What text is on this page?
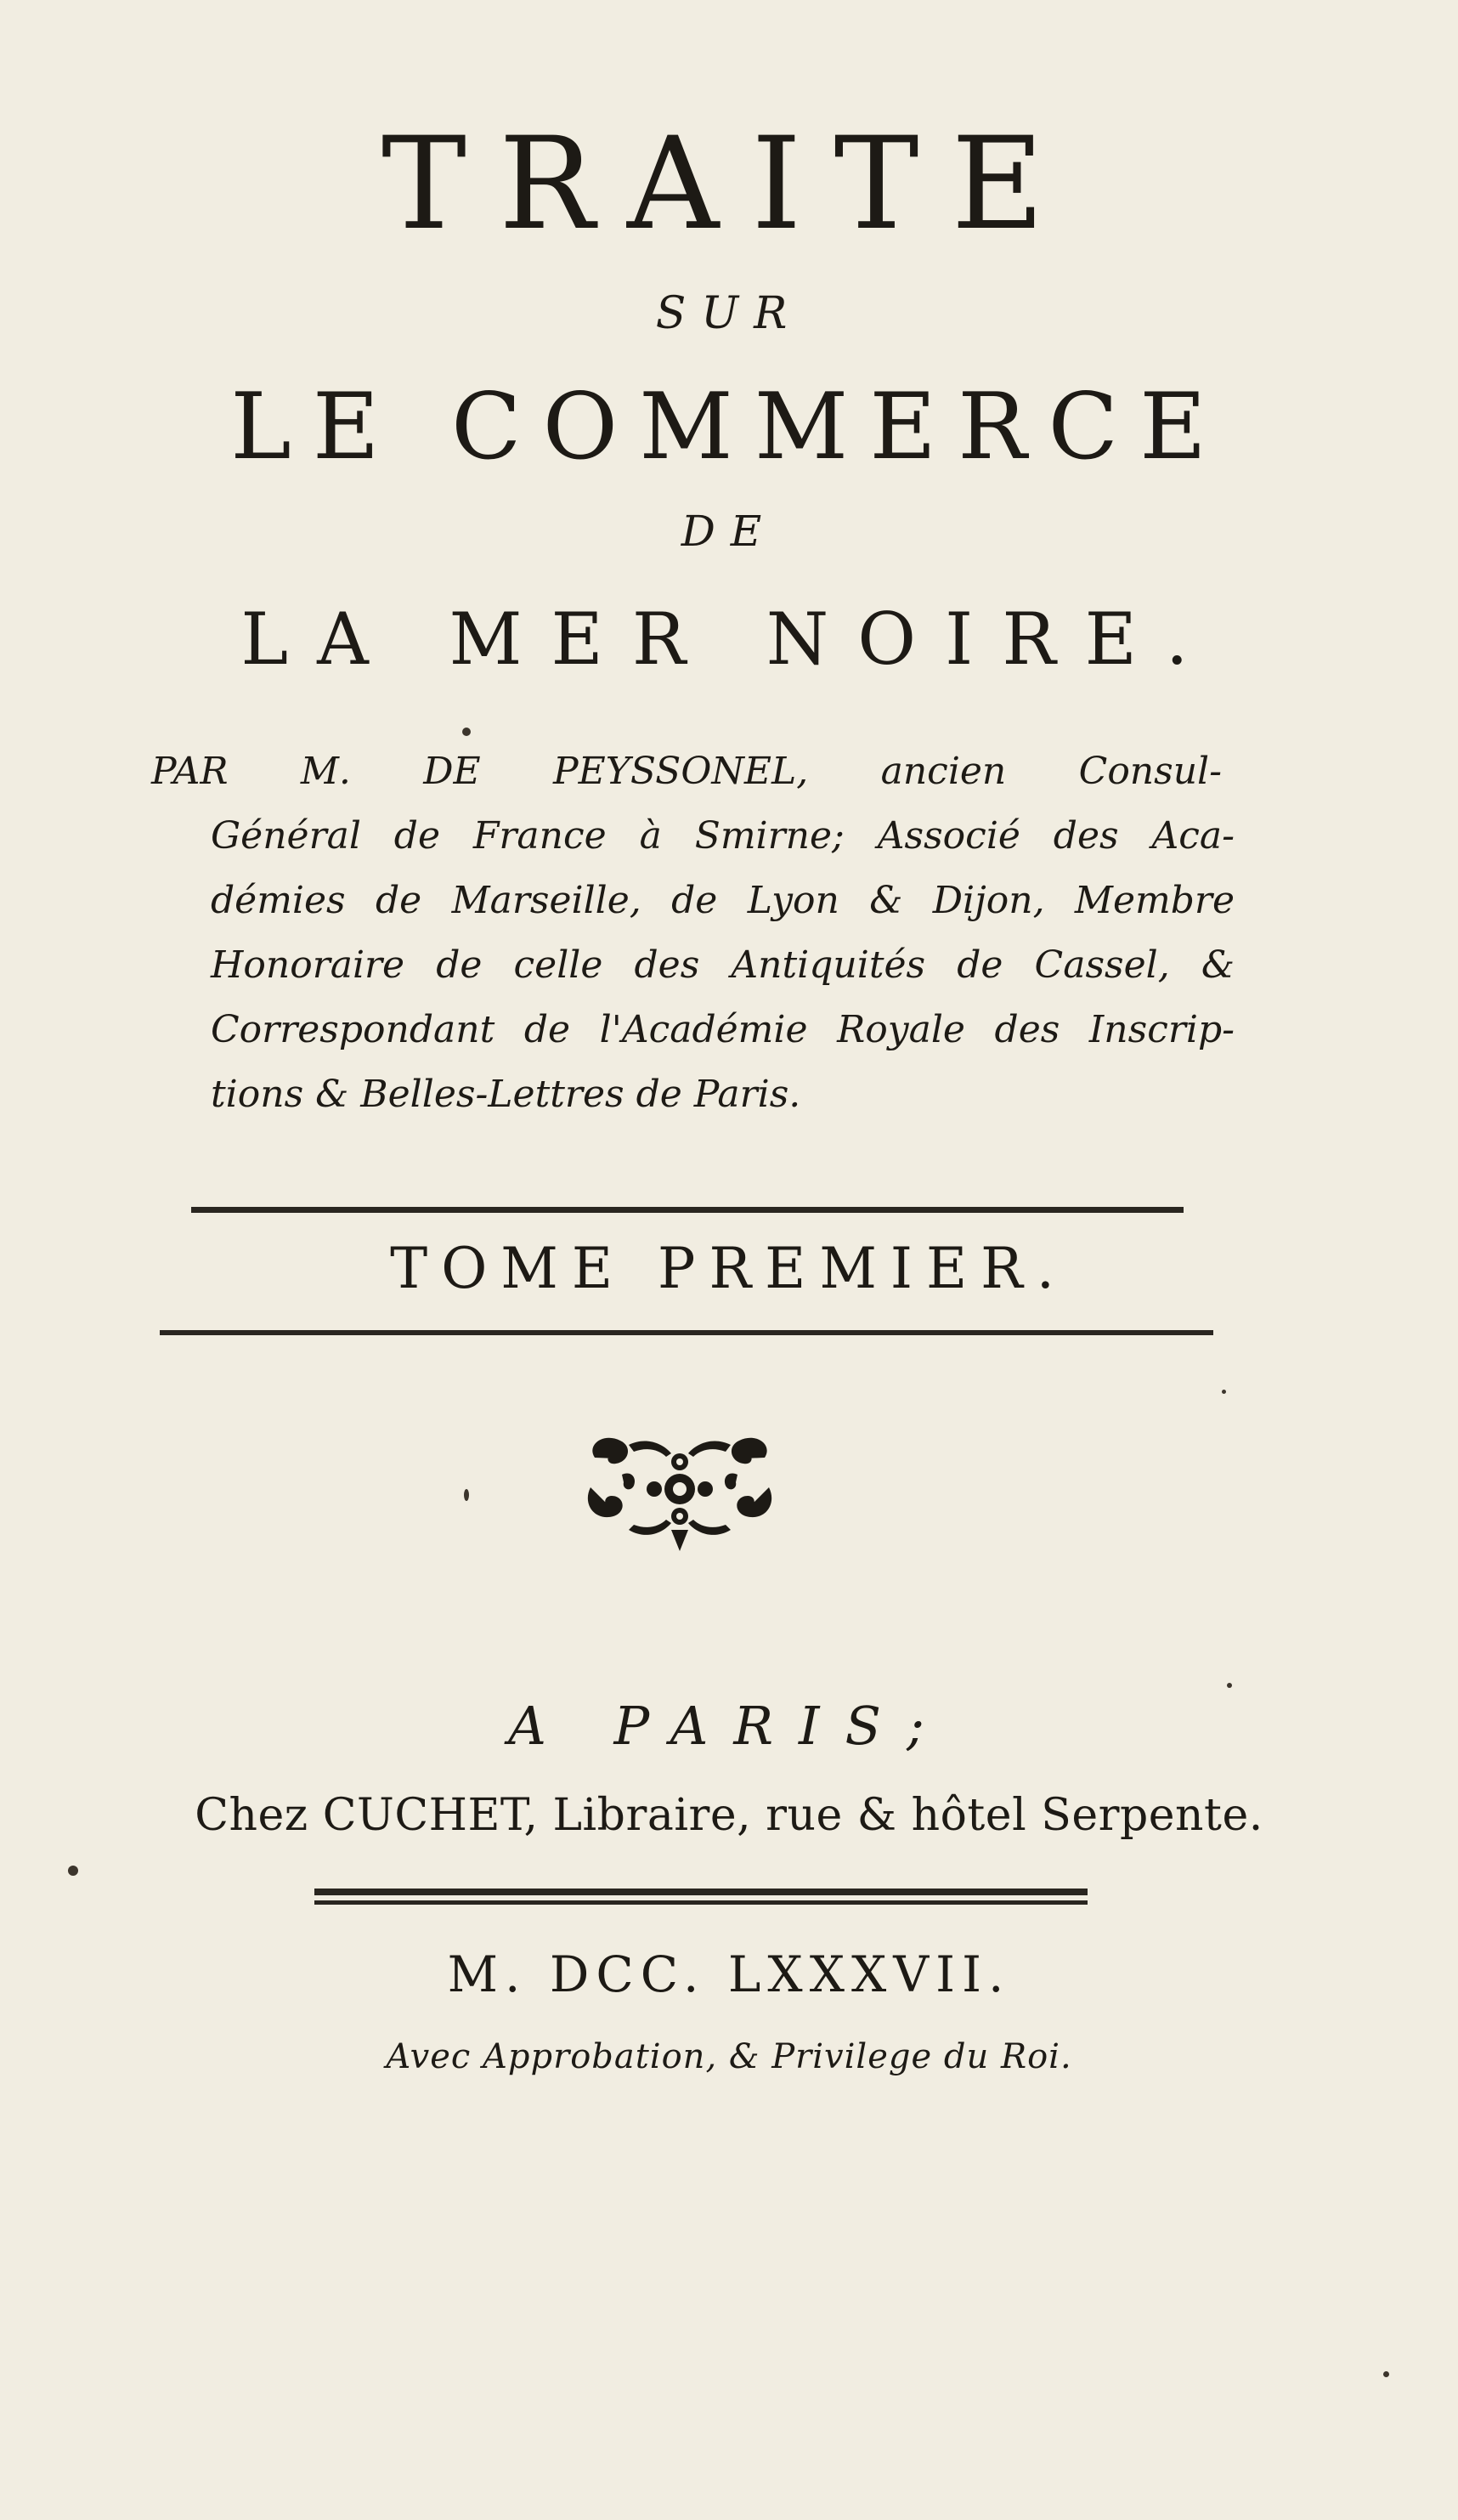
TRAITE
SUR
LE COMMERCE
DE
LA MER NOIRE.
PAR M. DE PEYSSONEL, ancien Consul-
Général de France à Smirne; Associé des Aca-
démies de Marseille, de Lyon & Dijon, Membre
Honoraire de celle des Antiquités de Cassel, &
Correspondant de l'Académie Royale des Inscrip-
tions & Belles-Lettres de Paris.
TOME PREMIER.
A PARIS;
Chez CUCHET, Libraire, rue & hôtel Serpente.
M. DCC. LXXXVII.
Avec Approbation, & Privilege du Roi.
